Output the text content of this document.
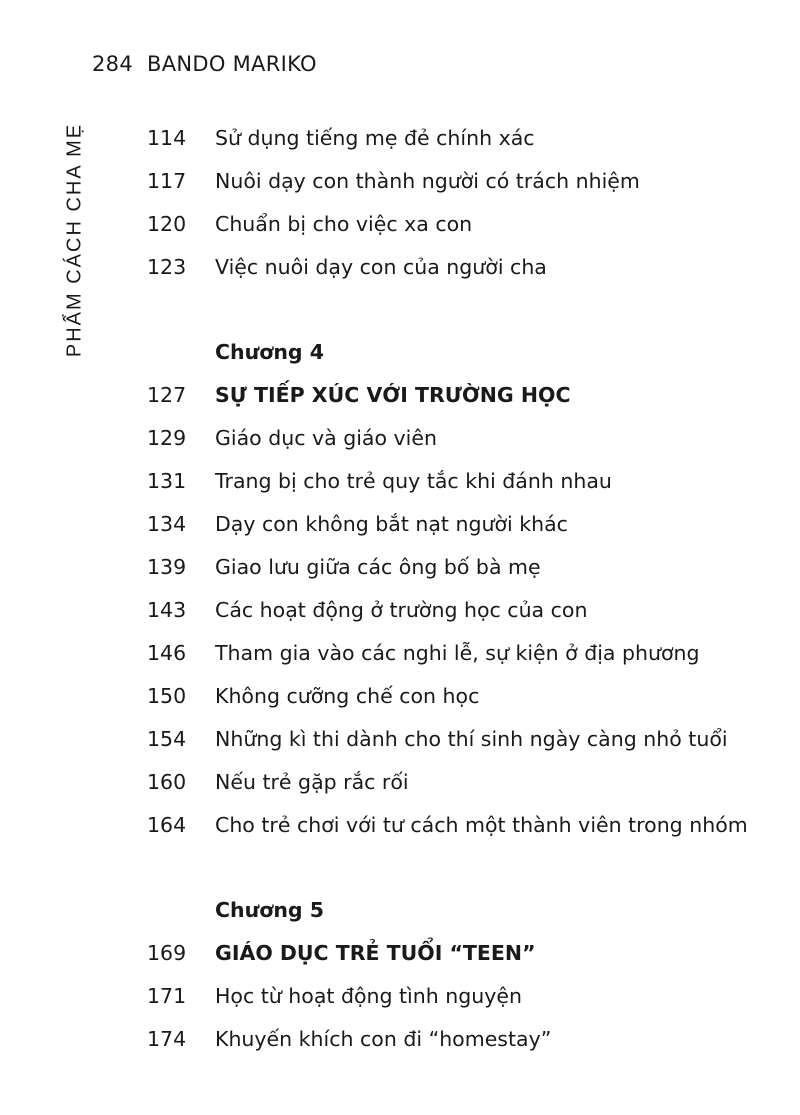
284 BANDO MARIKO
PHẨM CÁCH CHA MẸ	114	Sử dụng tiếng mẹ đẻ chính xác
117	Nuôi dạy con thành người có trách nhiệm
120	Chuẩn bị cho việc xa con
123	Việc nuôi dạy con của người cha
Chương 4
127	SỰ TIẾP XÚC VỚI TRƯỜNG HỌC
129	Giáo dục và giáo viên
131	Trang bị cho trẻ quy tắc khi đánh nhau
134	Dạy con không bắt nạt người khác
139	Giao lưu giữa các ông bố bà mẹ
143	Các hoạt động ở trường học của con
146	Tham gia vào các nghi lễ, sự kiện ở địa phương
150	Không cưỡng chế con học
154	Những kì thi dành cho thí sinh ngày càng nhỏ tuổi
160	Nếu trẻ gặp rắc rối
164	Cho trẻ chơi với tư cách một thành viên trong nhóm
Chương 5
169	GIÁO DỤC TRẺ TUỔI “TEEN”
171	Học từ hoạt động tình nguyện
174	Khuyến khích con đi “homestay”
